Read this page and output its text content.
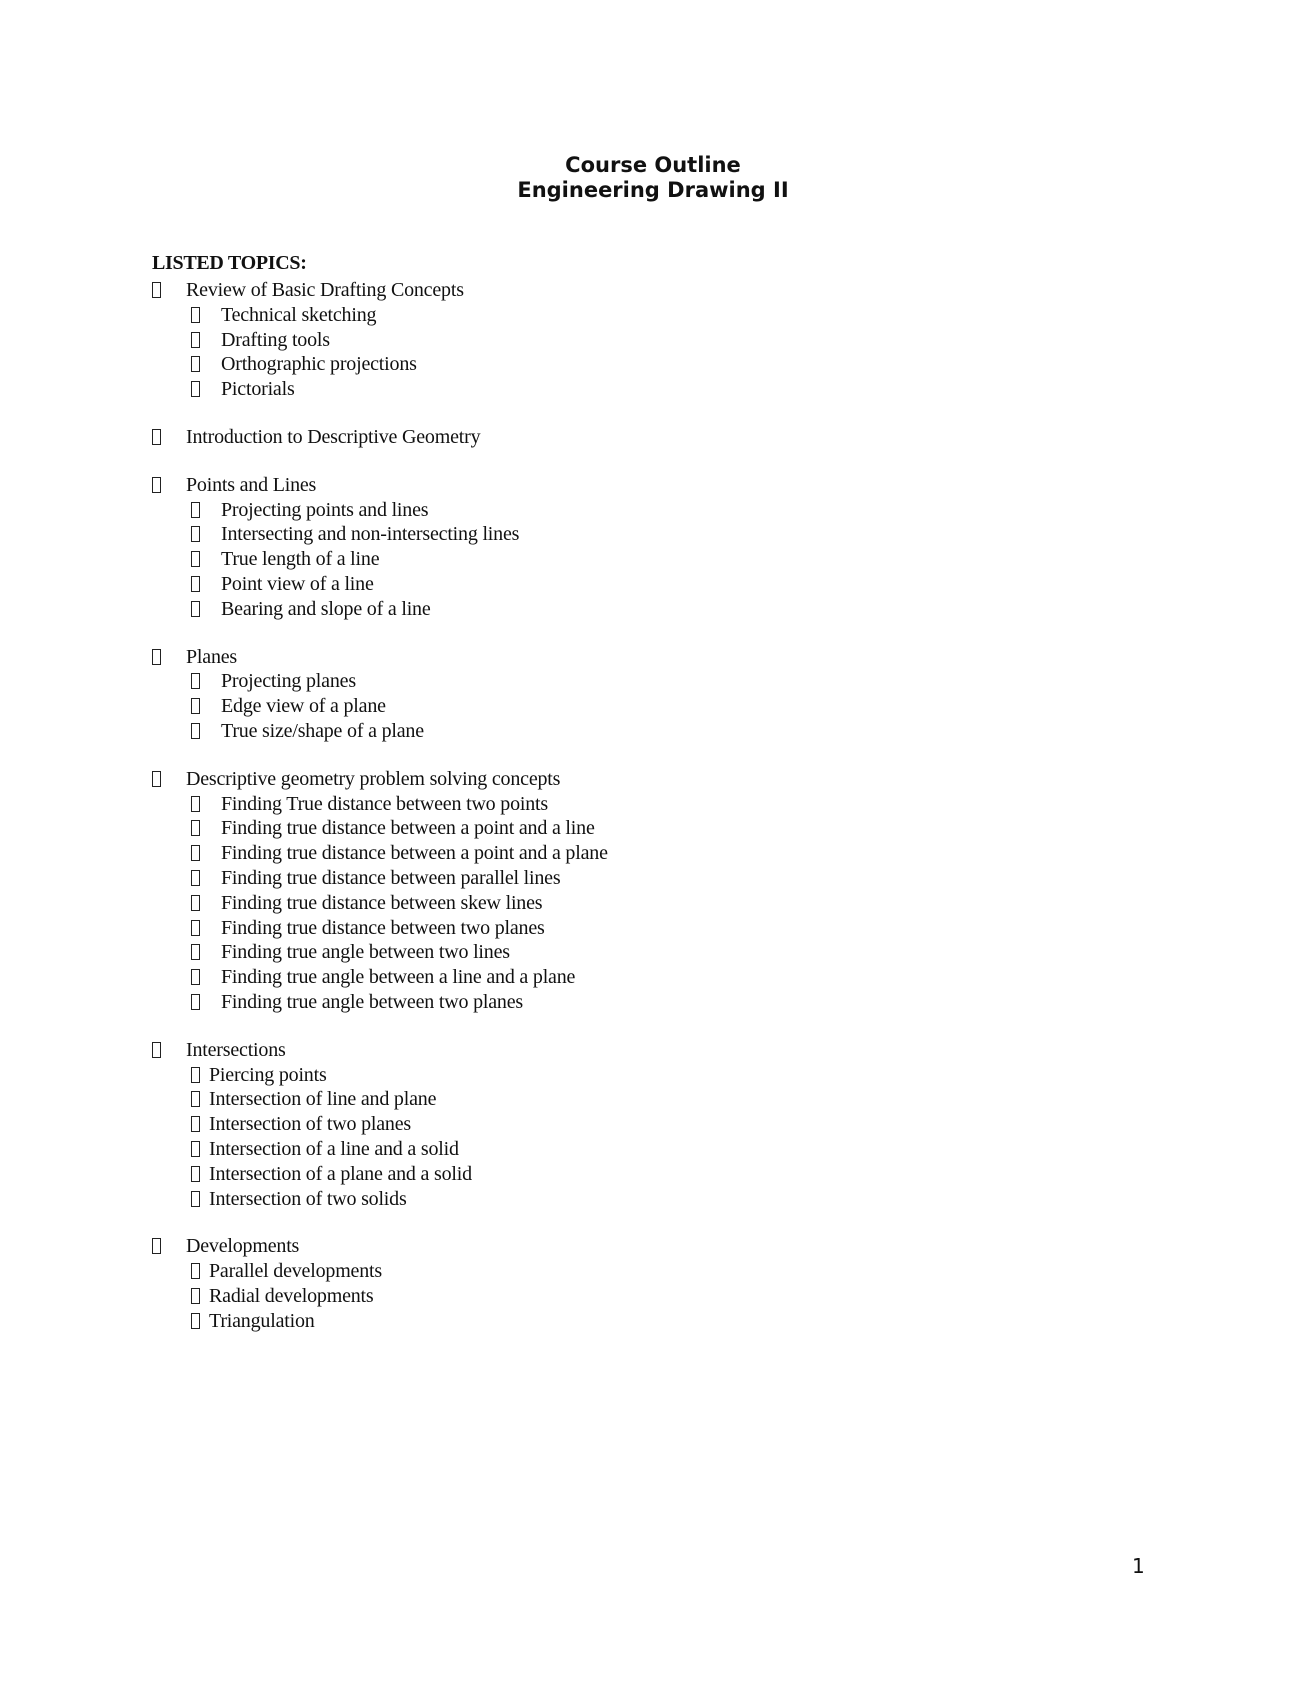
Course Outline
Engineering Drawing II
LISTED TOPICS:
Review of Basic Drafting Concepts
Technical sketching
Drafting tools
Orthographic projections
Pictorials
Introduction to Descriptive Geometry
Points and Lines
Projecting points and lines
Intersecting and non-intersecting lines
True length of a line
Point view of a line
Bearing and slope of a line
Planes
Projecting planes
Edge view of a plane
True size/shape of a plane
Descriptive geometry problem solving concepts
Finding True distance between two points
Finding true distance between a point and a line
Finding true distance between a point and a plane
Finding true distance between parallel lines
Finding true distance between skew lines
Finding true distance between two planes
Finding true angle between two lines
Finding true angle between a line and a plane
Finding true angle between two planes
Intersections
Piercing points
Intersection of line and plane
Intersection of two planes
Intersection of a line and a solid
Intersection of a plane and a solid
Intersection of two solids
Developments
Parallel developments
Radial developments
Triangulation
1
